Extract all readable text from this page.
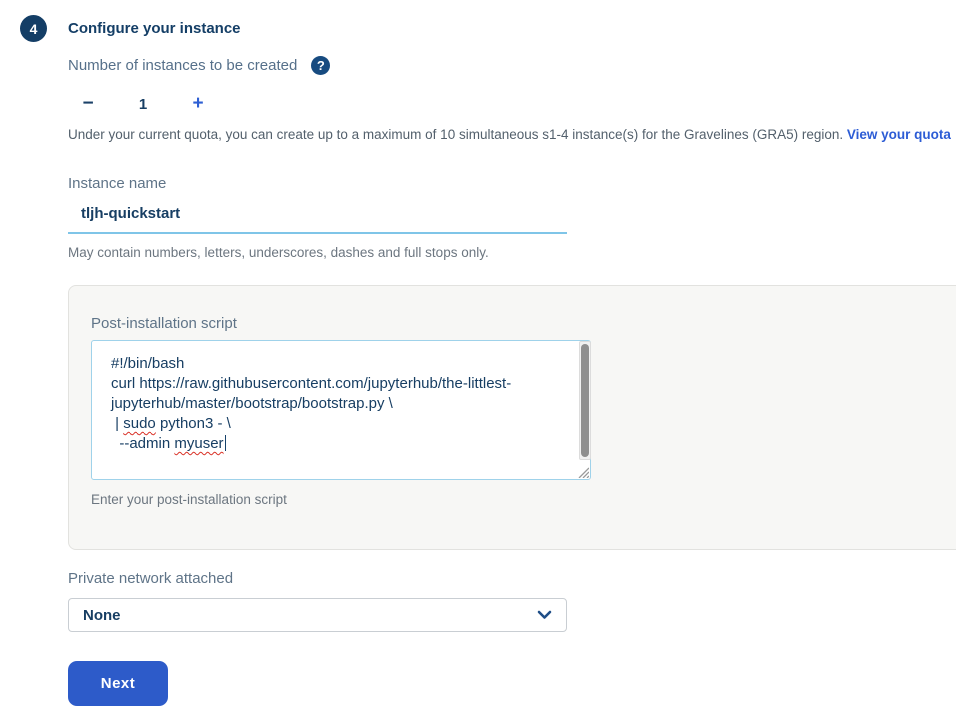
4	Configure your instance
Number of instances to be created	?
−	1	+
Under your current quota, you can create up to a maximum of 10 simultaneous s1-4 instance(s) for the Gravelines (GRA5) region. View your quota
Instance name
tljh-quickstart
May contain numbers, letters, underscores, dashes and full stops only.
Post-installation script
#!/bin/bash
curl https://raw.githubusercontent.com/jupyterhub/the-littlest-jupyterhub/master/bootstrap/bootstrap.py \
| sudo python3 - \
--admin myuser
Enter your post-installation script
Private network attached
None
Next
